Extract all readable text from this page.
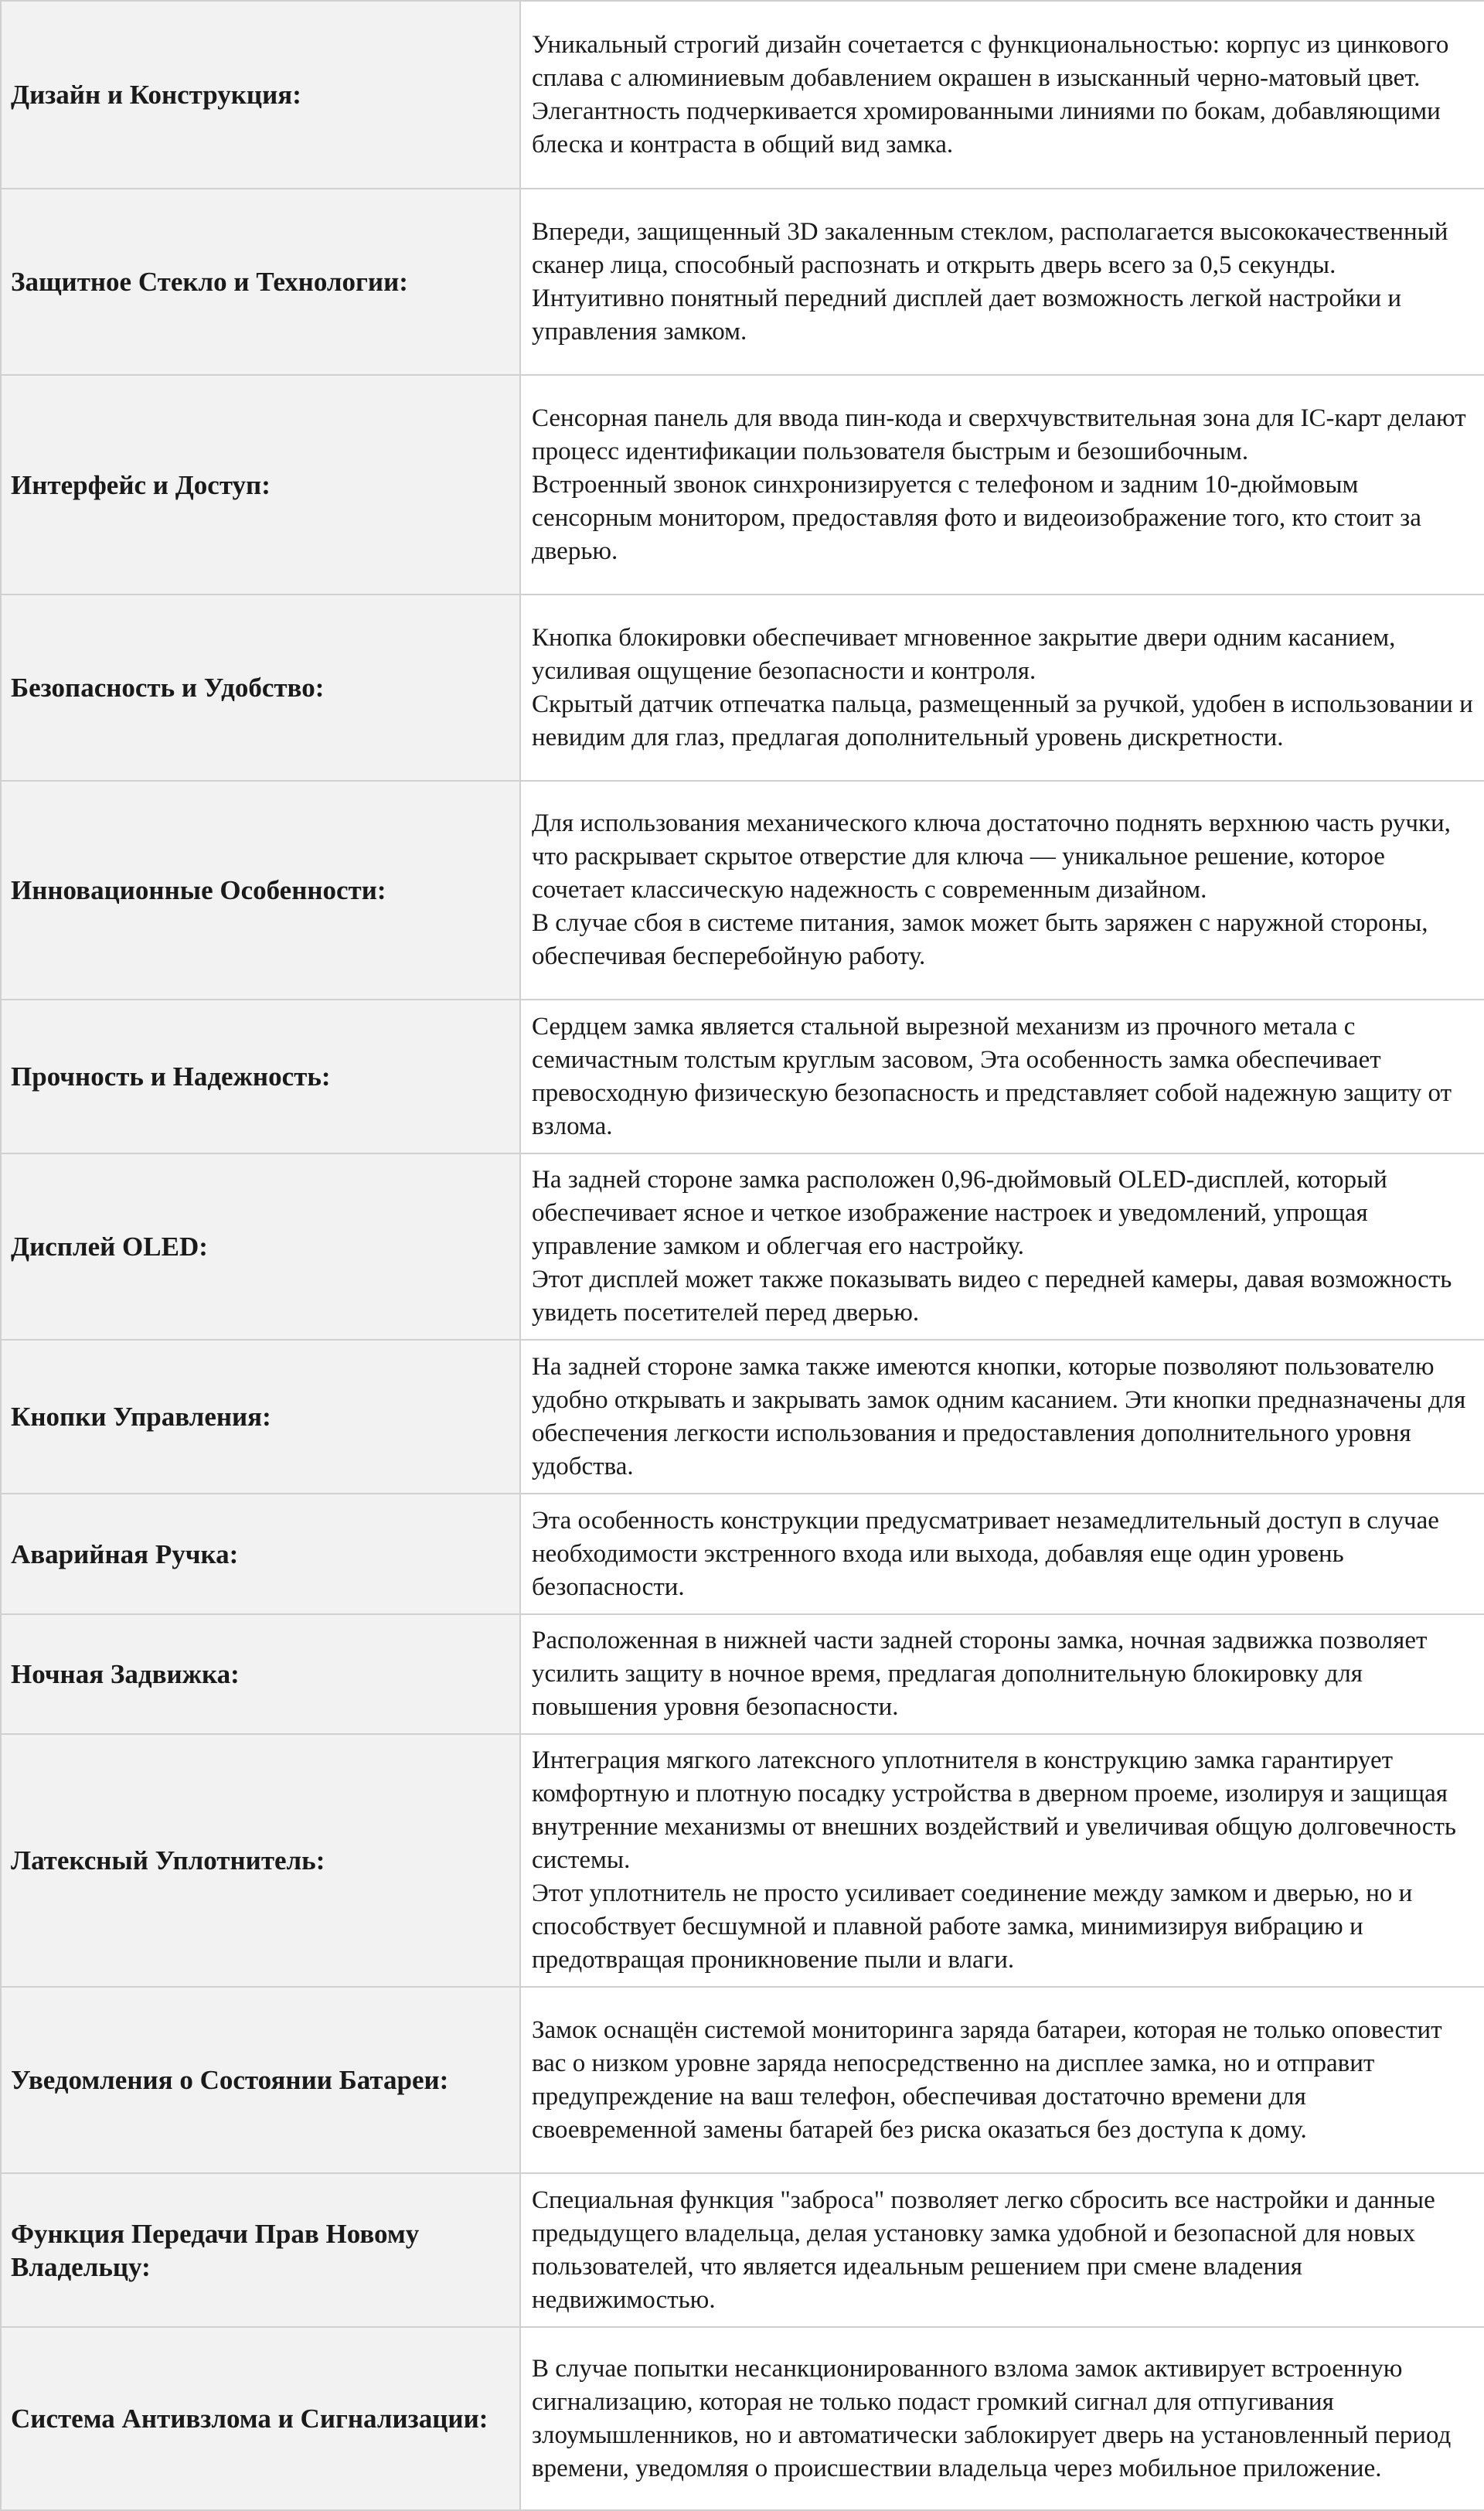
Дизайн и Конструкция:	Уникальный строгий дизайн сочетается с функциональностью: корпус из цинкового сплава с алюминиевым добавлением окрашен в изысканный черно-матовый цвет.
Элегантность подчеркивается хромированными линиями по бокам, добавляющими блеска и контраста в общий вид замка.

Защитное Стекло и Технологии:	Впереди, защищенный 3D закаленным стеклом, располагается высококачественный сканер лица, способный распознать и открыть дверь всего за 0,5 секунды.
Интуитивно понятный передний дисплей дает возможность легкой настройки и управления замком.

Интерфейс и Доступ:	Сенсорная панель для ввода пин-кода и сверхчувствительная зона для IC-карт делают процесс идентификации пользователя быстрым и безошибочным.
Встроенный звонок синхронизируется с телефоном и задним 10-дюймовым сенсорным монитором, предоставляя фото и видеоизображение того, кто стоит за дверью.

Безопасность и Удобство:	Кнопка блокировки обеспечивает мгновенное закрытие двери одним касанием, усиливая ощущение безопасности и контроля.
Скрытый датчик отпечатка пальца, размещенный за ручкой, удобен в использовании и невидим для глаз, предлагая дополнительный уровень дискретности.

Инновационные Особенности:	Для использования механического ключа достаточно поднять верхнюю часть ручки, что раскрывает скрытое отверстие для ключа — уникальное решение, которое сочетает классическую надежность с современным дизайном.
В случае сбоя в системе питания, замок может быть заряжен с наружной стороны, обеспечивая бесперебойную работу.

Прочность и Надежность:	Сердцем замка является стальной вырезной механизм из прочного метала с семичастным толстым круглым засовом, Эта особенность замка обеспечивает превосходную физическую безопасность и представляет собой надежную защиту от взлома.

Дисплей OLED:	На задней стороне замка расположен 0,96-дюймовый OLED-дисплей, который обеспечивает ясное и четкое изображение настроек и уведомлений, упрощая управление замком и облегчая его настройку.
Этот дисплей может также показывать видео с передней камеры, давая возможность увидеть посетителей перед дверью.

Кнопки Управления:	На задней стороне замка также имеются кнопки, которые позволяют пользователю удобно открывать и закрывать замок одним касанием. Эти кнопки предназначены для обеспечения легкости использования и предоставления дополнительного уровня удобства.

Аварийная Ручка:	Эта особенность конструкции предусматривает незамедлительный доступ в случае необходимости экстренного входа или выхода, добавляя еще один уровень безопасности.

Ночная Задвижка:	Расположенная в нижней части задней стороны замка, ночная задвижка позволяет усилить защиту в ночное время, предлагая дополнительную блокировку для повышения уровня безопасности.

Латексный Уплотнитель:	Интеграция мягкого латексного уплотнителя в конструкцию замка гарантирует комфортную и плотную посадку устройства в дверном проеме, изолируя и защищая внутренние механизмы от внешних воздействий и увеличивая общую долговечность системы.
Этот уплотнитель не просто усиливает соединение между замком и дверью, но и способствует бесшумной и плавной работе замка, минимизируя вибрацию и предотвращая проникновение пыли и влаги.

Уведомления о Состоянии Батареи:	Замок оснащён системой мониторинга заряда батареи, которая не только оповестит вас о низком уровне заряда непосредственно на дисплее замка, но и отправит предупреждение на ваш телефон, обеспечивая достаточно времени для своевременной замены батарей без риска оказаться без доступа к дому.

Функция Передачи Прав Новому Владельцу:	Специальная функция "заброса" позволяет легко сбросить все настройки и данные предыдущего владельца, делая установку замка удобной и безопасной для новых пользователей, что является идеальным решением при смене владения недвижимостью.

Система Антивзлома и Сигнализации:	В случае попытки несанкционированного взлома замок активирует встроенную сигнализацию, которая не только подаст громкий сигнал для отпугивания злоумышленников, но и автоматически заблокирует дверь на установленный период времени, уведомляя о происшествии владельца через мобильное приложение.
